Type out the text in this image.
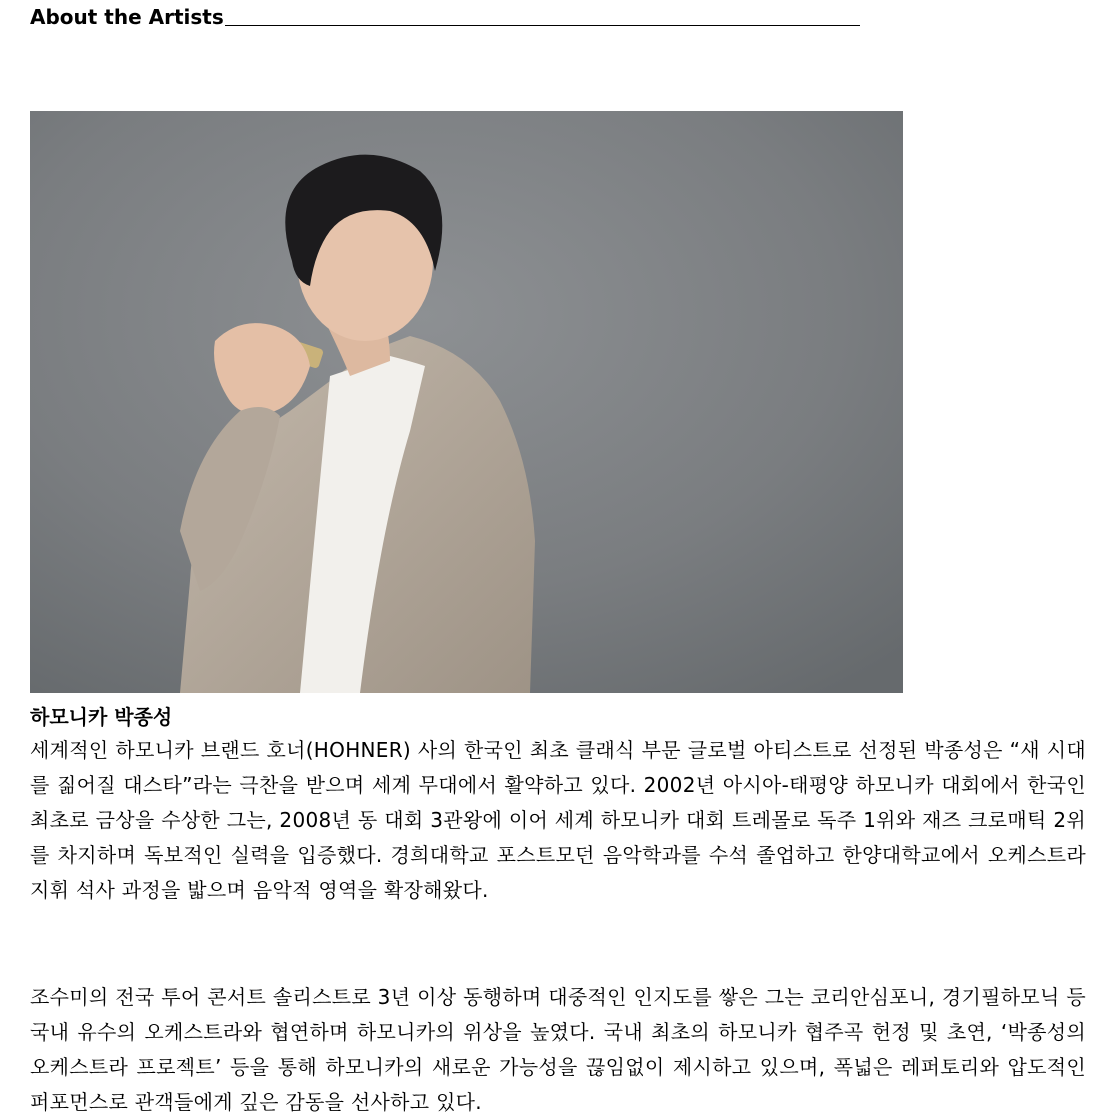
About the Artists
하모니카 박종성

세계적인 하모니카 브랜드 호너(HOHNER) 사의 한국인 최초 클래식 부문 글로벌 아티스트로 선정된 박종성은 “새 시대를 짊어질 대스타”라는 극찬을 받으며 세계 무대에서 활약하고 있다. 2002년 아시아-태평양 하모니카 대회에서 한국인 최초로 금상을 수상한 그는, 2008년 동 대회 3관왕에 이어 세계 하모니카 대회 트레몰로 독주 1위와 재즈 크로매틱 2위를 차지하며 독보적인 실력을 입증했다. 경희대학교 포스트모던 음악학과를 수석 졸업하고 한양대학교에서 오케스트라 지휘 석사 과정을 밟으며 음악적 영역을 확장해왔다.

조수미의 전국 투어 콘서트 솔리스트로 3년 이상 동행하며 대중적인 인지도를 쌓은 그는 코리안심포니, 경기필하모닉 등 국내 유수의 오케스트라와 협연하며 하모니카의 위상을 높였다. 국내 최초의 하모니카 협주곡 헌정 및 초연, ‘박종성의 오케스트라 프로젝트’ 등을 통해 하모니카의 새로운 가능성을 끊임없이 제시하고 있으며, 폭넓은 레퍼토리와 압도적인 퍼포먼스로 관객들에게 깊은 감동을 선사하고 있다.
